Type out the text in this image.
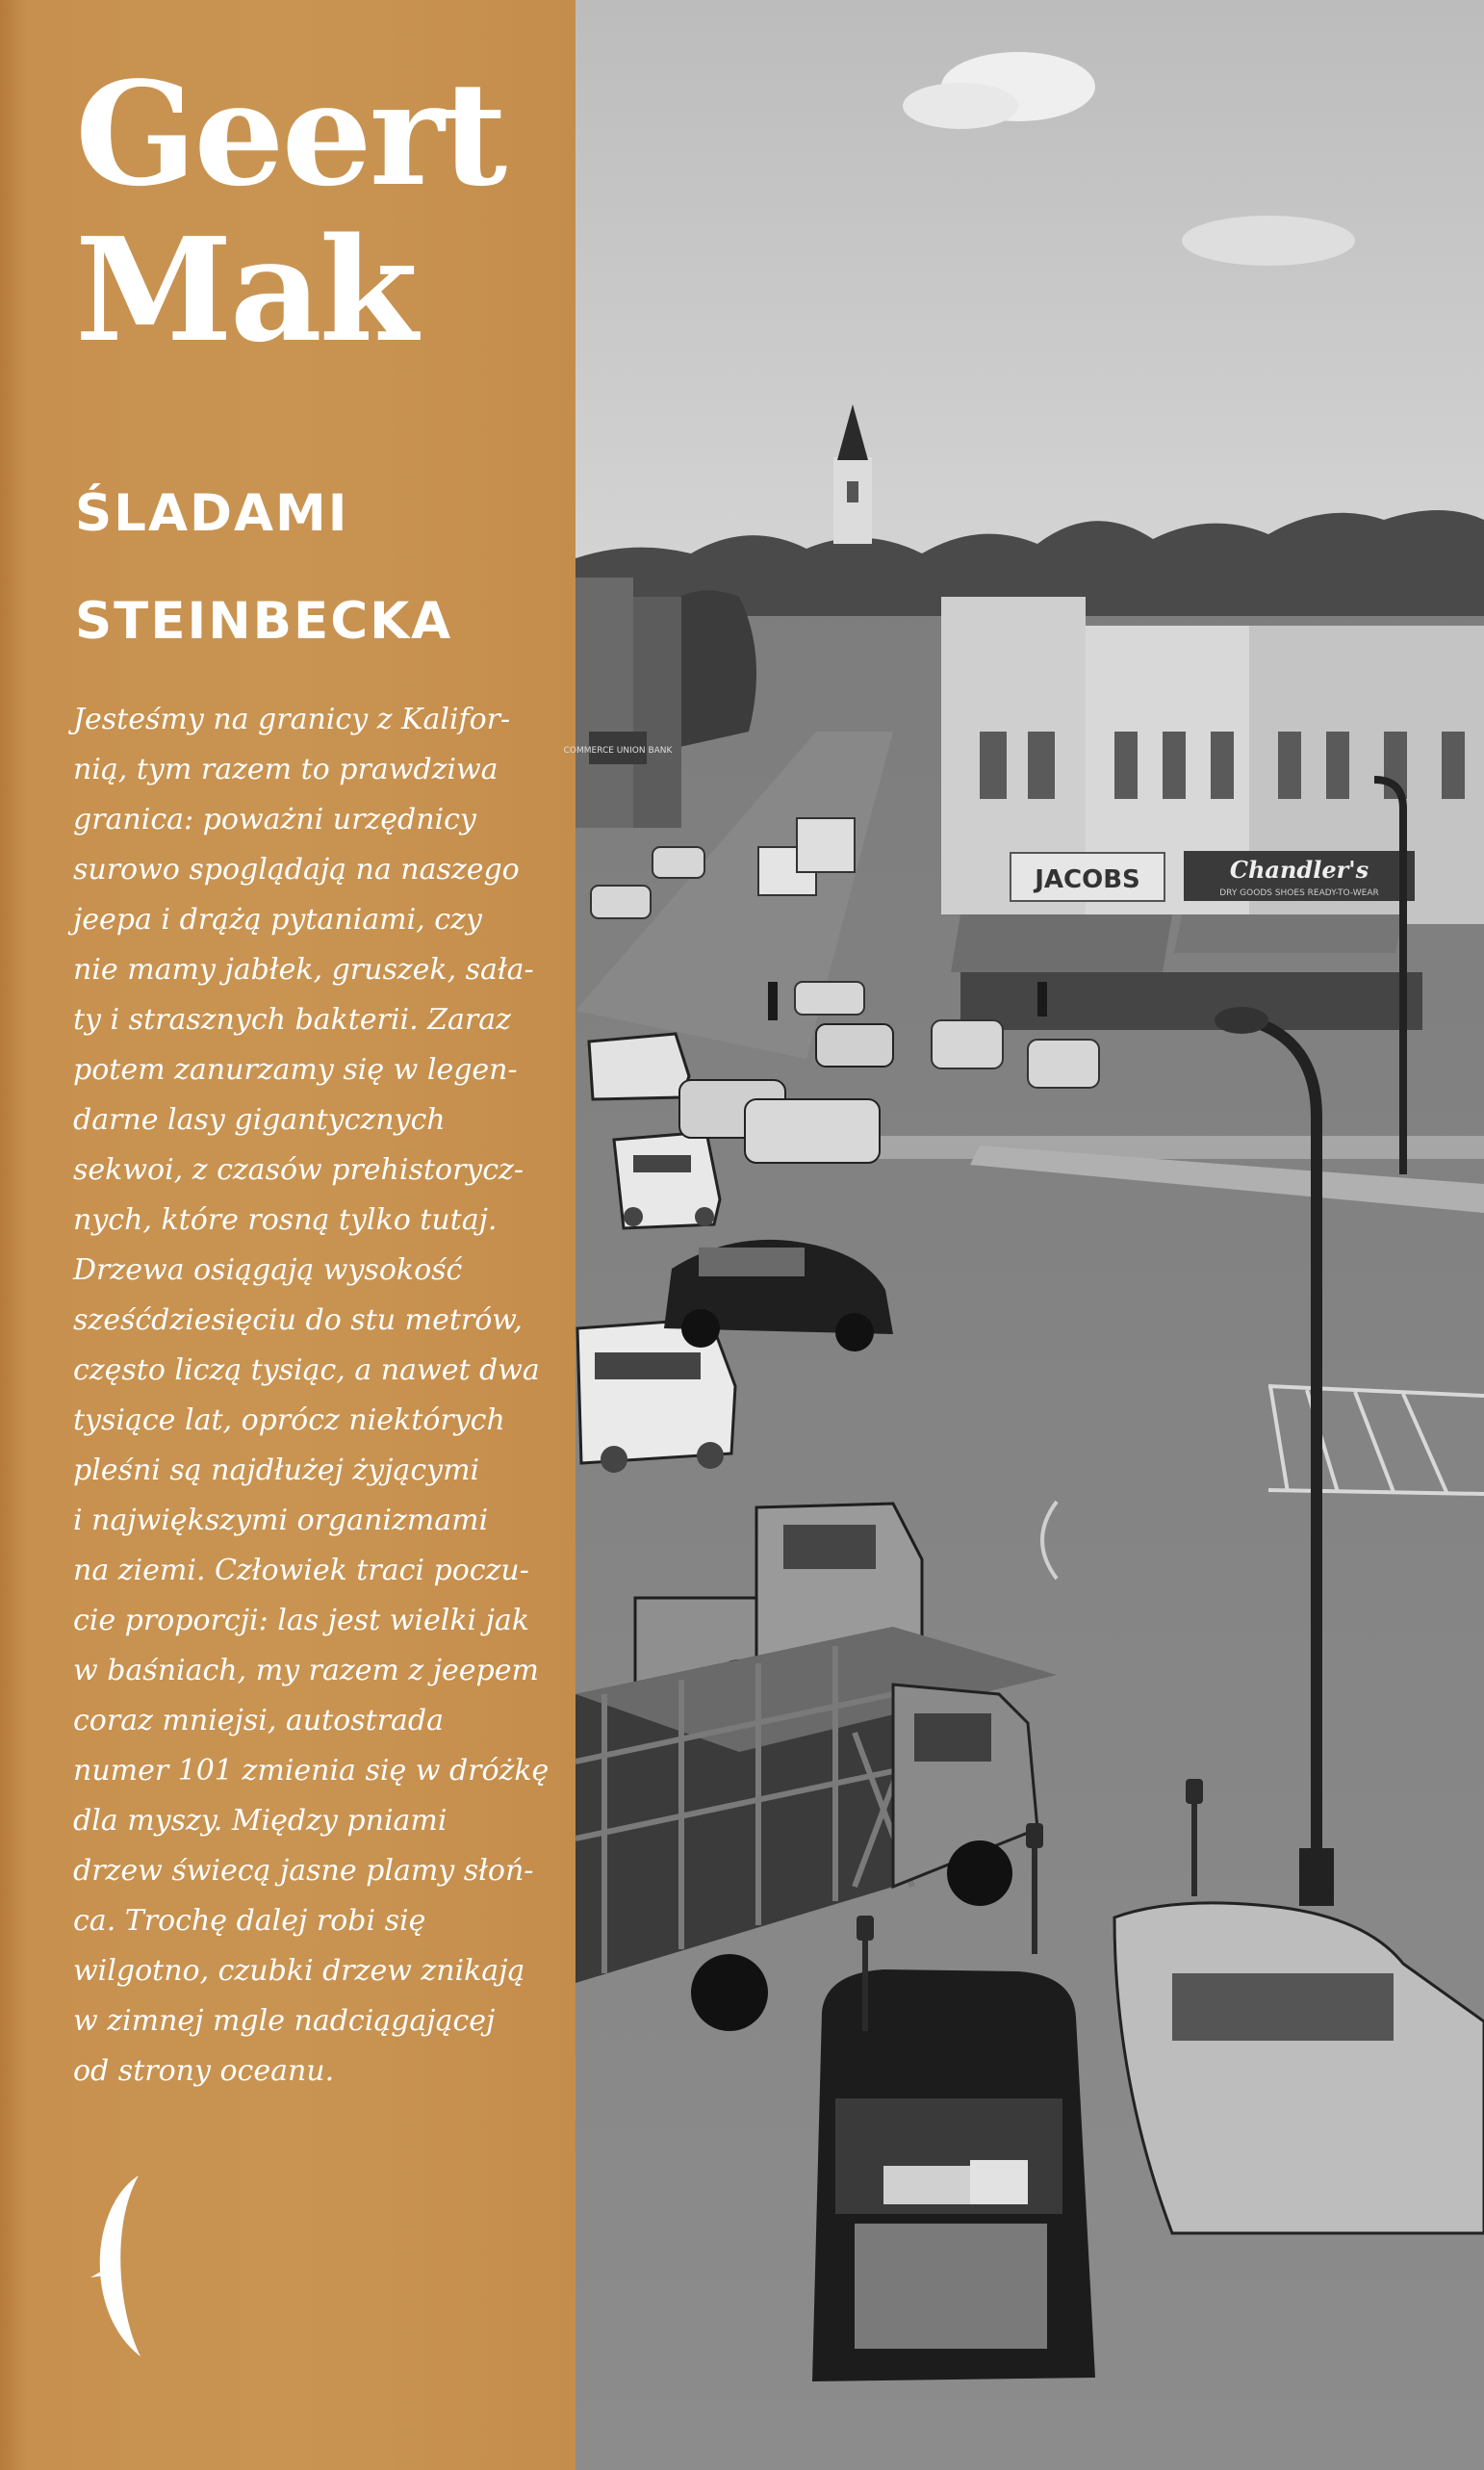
Geert
Mak
ŚLADAMI
STEINBECKA
Jesteśmy na granicy z Kalifor-
nią, tym razem to prawdziwa
granica: poważni urzędnicy
surowo spoglądają na naszego
jeepa i drążą pytaniami, czy
nie mamy jabłek, gruszek, sała-
ty i strasznych bakterii. Zaraz
potem zanurzamy się w legen-
darne lasy gigantycznych
sekwoi, z czasów prehistorycz-
nych, które rosną tylko tutaj.
Drzewa osiągają wysokość
sześćdziesięciu do stu metrów,
często liczą tysiąc, a nawet dwa
tysiące lat, oprócz niektórych
pleśni są najdłużej żyjącymi
i największymi organizmami
na ziemi. Człowiek traci poczu-
cie proporcji: las jest wielki jak
w baśniach, my razem z jeepem
coraz mniejsi, autostrada
numer 101 zmienia się w dróżkę
dla myszy. Między pniami
drzew świecą jasne plamy słoń-
ca. Trochę dalej robi się
wilgotno, czubki drzew znikają
w zimnej mgle nadciągającej
od strony oceanu.
COMMERCE UNION BANK
JACOBS	Chandler's
DRY GOODS SHOES READY-TO-WEAR
